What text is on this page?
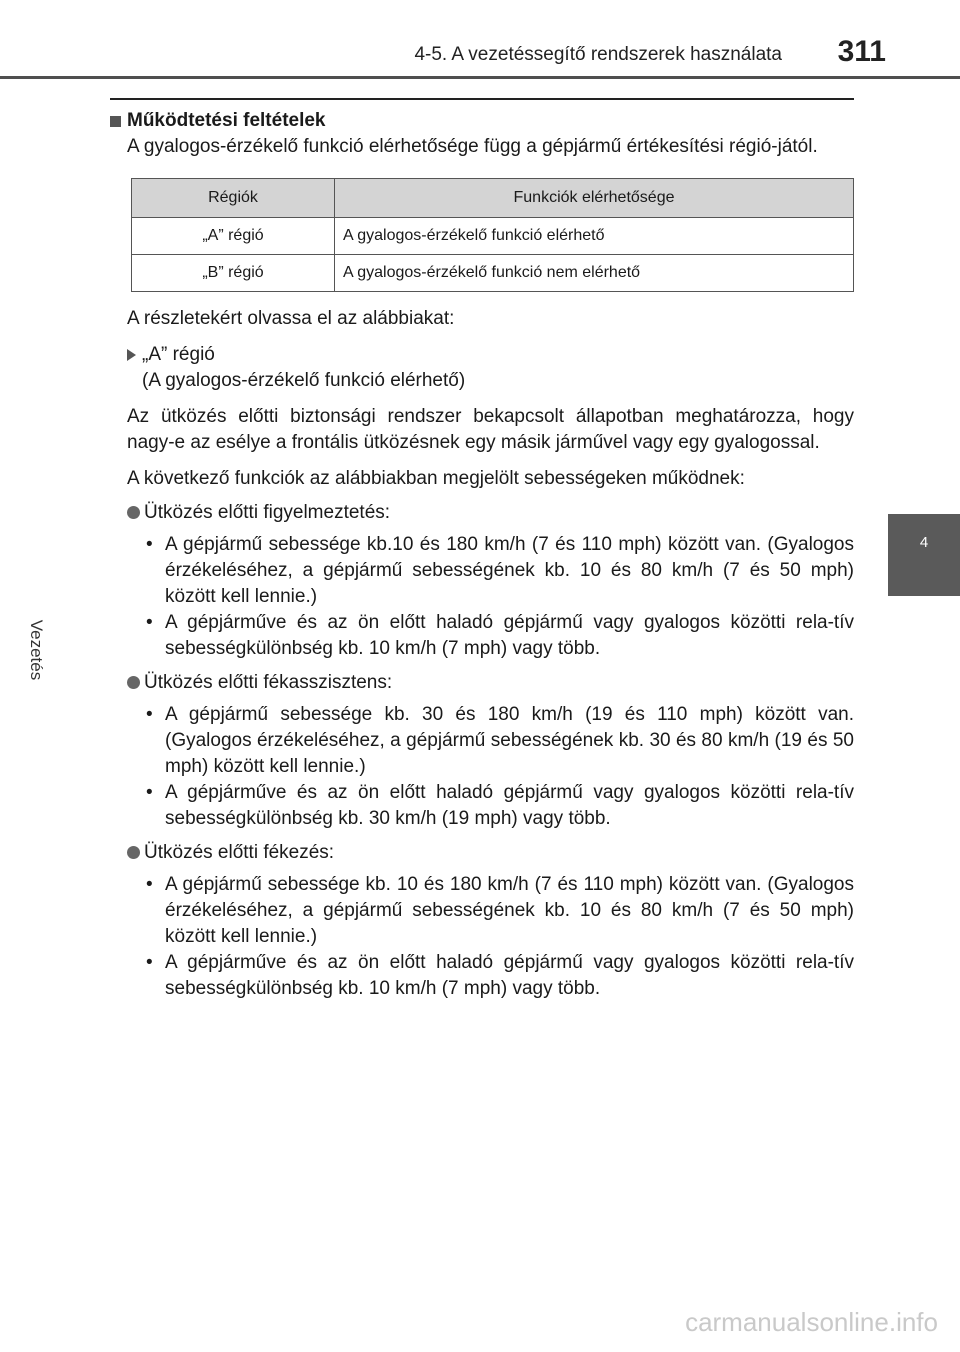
4-5. A vezetéssegítő rendszerek használata 311
4
Vezetés
Működtetési feltételek

A gyalogos-érzékelő funkció elérhetősége függ a gépjármű értékesítési régió-jától.

Régiók	Funkciók elérhetősége
„A” régió	A gyalogos-érzékelő funkció elérhető
„B” régió	A gyalogos-érzékelő funkció nem elérhető

A részletekért olvassa el az alábbiakat:

„A” régió
(A gyalogos-érzékelő funkció elérhető)

Az ütközés előtti biztonsági rendszer bekapcsolt állapotban meghatározza, hogy nagy-e az esélye a frontális ütközésnek egy másik járművel vagy egy gyalogossal.

A következő funkciók az alábbiakban megjelölt sebességeken működnek:

Ütközés előtti figyelmeztetés:
• A gépjármű sebessége kb.10 és 180 km/h (7 és 110 mph) között van. (Gyalogos érzékeléséhez, a gépjármű sebességének kb. 10 és 80 km/h (7 és 50 mph) között kell lennie.)
• A gépjárműve és az ön előtt haladó gépjármű vagy gyalogos közötti rela-tív sebességkülönbség kb. 10 km/h (7 mph) vagy több.
Ütközés előtti fékasszisztens:
• A gépjármű sebessége kb. 30 és 180 km/h (19 és 110 mph) között van. (Gyalogos érzékeléséhez, a gépjármű sebességének kb. 30 és 80 km/h (19 és 50 mph) között kell lennie.)
• A gépjárműve és az ön előtt haladó gépjármű vagy gyalogos közötti rela-tív sebességkülönbség kb. 30 km/h (19 mph) vagy több.
Ütközés előtti fékezés:
• A gépjármű sebessége kb. 10 és 180 km/h (7 és 110 mph) között van. (Gyalogos érzékeléséhez, a gépjármű sebességének kb. 10 és 80 km/h (7 és 50 mph) között kell lennie.)
• A gépjárműve és az ön előtt haladó gépjármű vagy gyalogos közötti rela-tív sebességkülönbség kb. 10 km/h (7 mph) vagy több.
carmanualsonline.info
